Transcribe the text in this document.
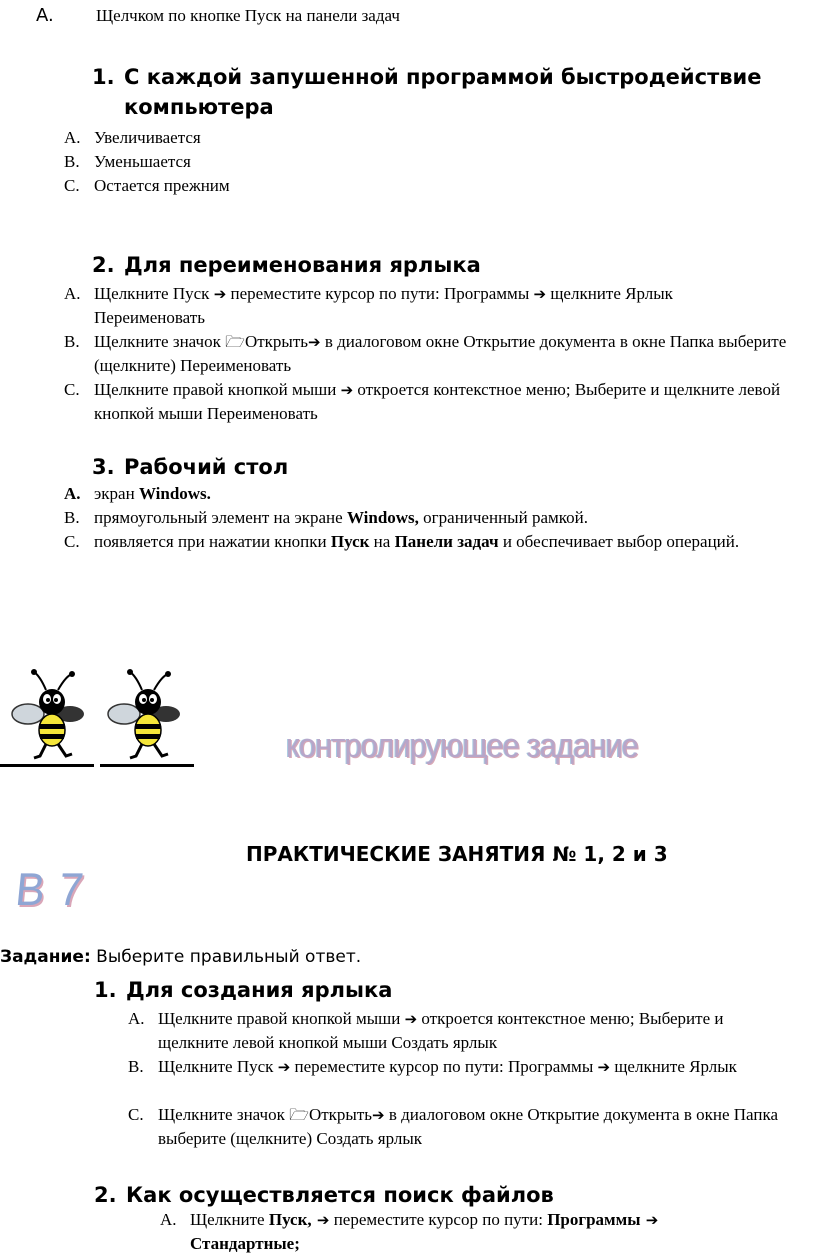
A.	Щелчком по кнопке Пуск на панели задач
1. С каждой запушенной программой быстродействие
компьютера
A. Увеличивается
B. Уменьшается
C. Остается прежним
2. Для переименования ярлыка
A. Щелкните Пуск ➔ переместите курсор по пути: Программы ➔ щелкните Ярлык Переименовать
B. Щелкните значок 🗁Открыть➔ в диалоговом окне Открытие документа в окне Папка выберите (щелкните) Переименовать
C. Щелкните правой кнопкой мыши ➔ откроется контекстное меню; Выберите и щелкните левой кнопкой мыши Переименовать
3. Рабочий стол
A. экран Windows.
B. прямоугольный элемент на экране Windows, ограниченный рамкой.
C. появляется при нажатии кнопки Пуск на Панели задач и обеспечивает выбор операций.
контролирующее задание
ПРАКТИЧЕСКИЕ ЗАНЯТИЯ № 1, 2 и 3
В 7
Задание: Выберите правильный ответ.
1. Для создания ярлыка
A. Щелкните правой кнопкой мыши ➔ откроется контекстное меню; Выберите и щелкните левой кнопкой мыши Создать ярлык
B. Щелкните Пуск ➔ переместите курсор по пути: Программы ➔ щелкните Ярлык
C. Щелкните значок 🗁Открыть➔ в диалоговом окне Открытие документа в окне Папка выберите (щелкните) Создать ярлык
2. Как осуществляется поиск файлов
A. Щелкните Пуск, ➔ переместите курсор по пути: Программы ➔
Стандартные;
